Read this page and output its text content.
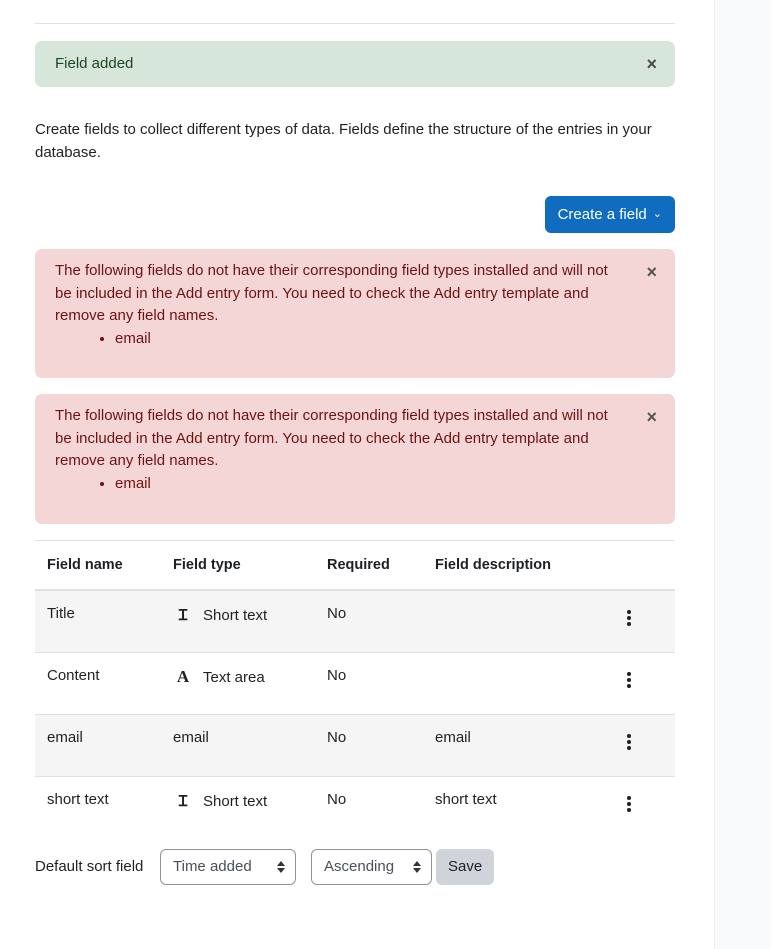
Field added	×
Create fields to collect different types of data. Fields define the structure of the entries in your database.
Create a field ⌄

The following fields do not have their corresponding field types installed and will not be included in the Add entry form. You need to check the Add entry template and remove any field names.

• email
×

The following fields do not have their corresponding field types installed and will not be included in the Add entry form. You need to check the Add entry template and remove any field names.

• email
×
Field name	Field type	Required	Field description	
Title	Ɪ Short text	No		

Content	A Text area	No		

email	email	No	email	

short text	Ɪ Short text	No	short text	
Default sort field	Time added	Ascending	Save
